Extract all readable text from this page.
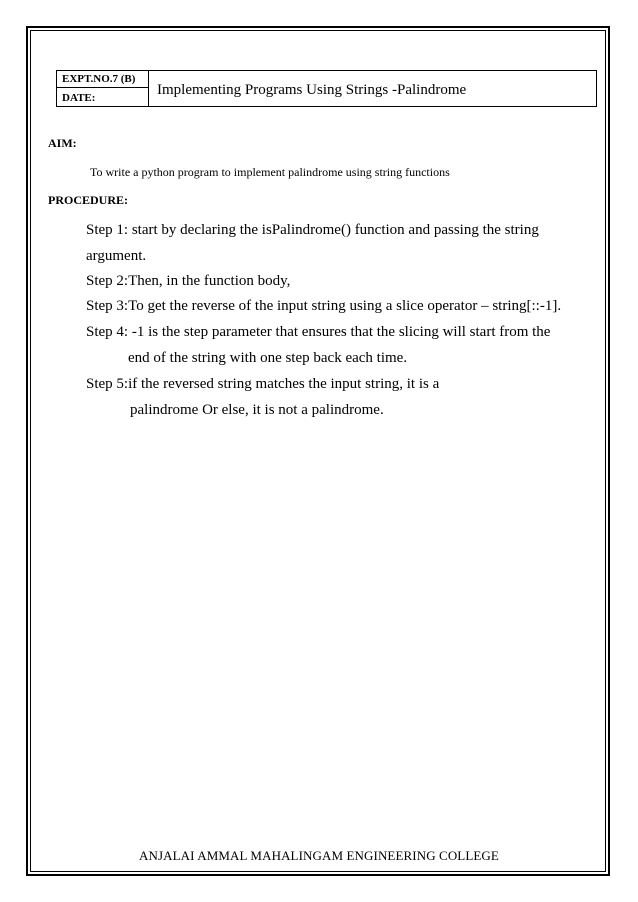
EXPT.NO.7 (B)
DATE:	Implementing Programs Using Strings -Palindrome
AIM:
To write a python program to implement palindrome using string functions
PROCEDURE:
Step 1: start by declaring the isPalindrome() function and passing the string
argument.
Step 2:Then, in the function body,
Step 3:To get the reverse of the input string using a slice operator – string[::-1].
Step 4: -1 is the step parameter that ensures that the slicing will start from the
end of the string with one step back each time.
Step 5:if the reversed string matches the input string, it is a
palindrome Or else, it is not a palindrome.
ANJALAI AMMAL MAHALINGAM ENGINEERING COLLEGE
